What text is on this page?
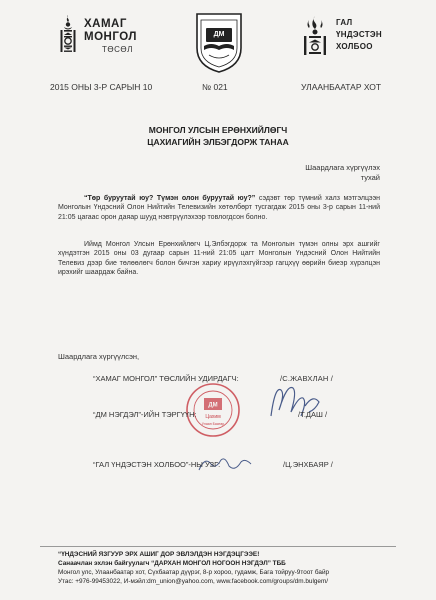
ХАМАГ
МОНГОЛ
ТӨСӨЛ
ДМ
ГАЛ
ҮНДЭСТЭН
ХОЛБОО
2015 ОНЫ 3-Р САРЫН 10	№ 021	УЛААНБААТАР ХОТ
МОНГОЛ УЛСЫН ЕРӨНХИЙЛӨГЧ
ЦАХИАГИЙН ЭЛБЭГДОРЖ ТАНАА
Шаардлага хүргүүлэх
тухай

“Төр буруутай юу? Түмэн олон буруутай юу?” сэдэвт төр түмний халз мэтгэлцээн Монголын Үндэсний Олон Нийтийн Телевизийн хөтөлбөрт тусгагдаж 2015 оны 3-р сарын 11-ний 21:05 цагаас орон даяар шууд нэвтрүүлэхээр товлогдсон болно.

Иймд Монгол Улсын Ерөнхийлөгч Ц.Элбэгдорж та Монголын түмэн олны эрх ашгийг хүндэтгэн 2015 оны 03 дугаар сарын 11-ний 21:05 цагт Монголын Үндэсний Олон Нийтийн Телевиз дээр бие төлөөлөгч болон бичгэн хариу ирүүлэхгүйгээр гагцхүү өөрийн биеэр хүрэлцэн ирэхийг шаардаж байна.

Шаардлага хүргүүлсэн,
ДМ
Цахим
Улаан Баатар
“ХАМАГ МОНГОЛ” ТӨСЛИЙН УДИРДАГЧ:	/С.ЖАВХЛАН /
“ДМ НЭГДЭЛ”-ИЙН ТЭРГҮҮН:	/Т.ДАШ /
“ГАЛ ҮНДЭСТЭН ХОЛБОО”-НЫ УЗГ:	/Ц.ЭНХБАЯР /
“ҮНДЭСНИЙ ЯЗГУУР ЭРХ АШИГ ДОР ЭВЛЭЛДЭН НЭГДЭЦГЭЭЕ!
Санаачлан эхлэн байгуулагч “ДАРХАН МОНГОЛ НОГООН НЭГДЭЛ” ТББ
Монгол улс, Улаанбаатар хот, Сүхбаатар дүүрэг, 8-р хороо, гудамж, Бага тойруу-9тоот байр
Утас: +976-99453022, И-мэйл:dm_union@yahoo.com, www.facebook.com/groups/dm.bulgem/
